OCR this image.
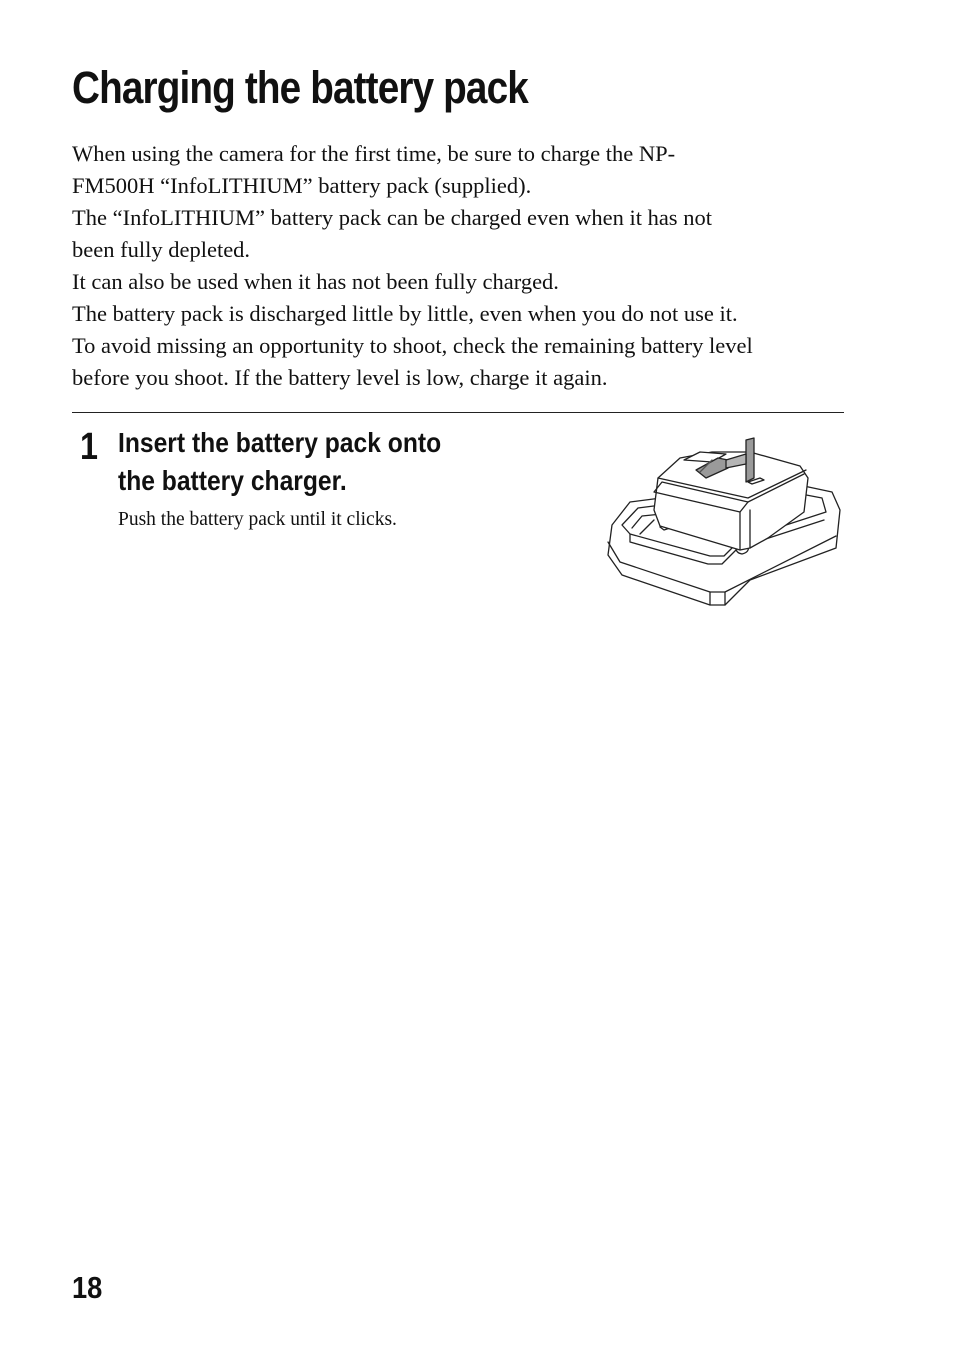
Charging the battery pack

When using the camera for the first time, be sure to charge the NP-

FM500H “InfoLITHIUM” battery pack (supplied).

The “InfoLITHIUM” battery pack can be charged even when it has not

been fully depleted.

It can also be used when it has not been fully charged.

The battery pack is discharged little by little, even when you do not use it.

To avoid missing an opportunity to shoot, check the remaining battery level

before you shoot. If the battery level is low, charge it again.

1 Insert the battery pack onto
the battery charger.
Push the battery pack until it clicks.
18
